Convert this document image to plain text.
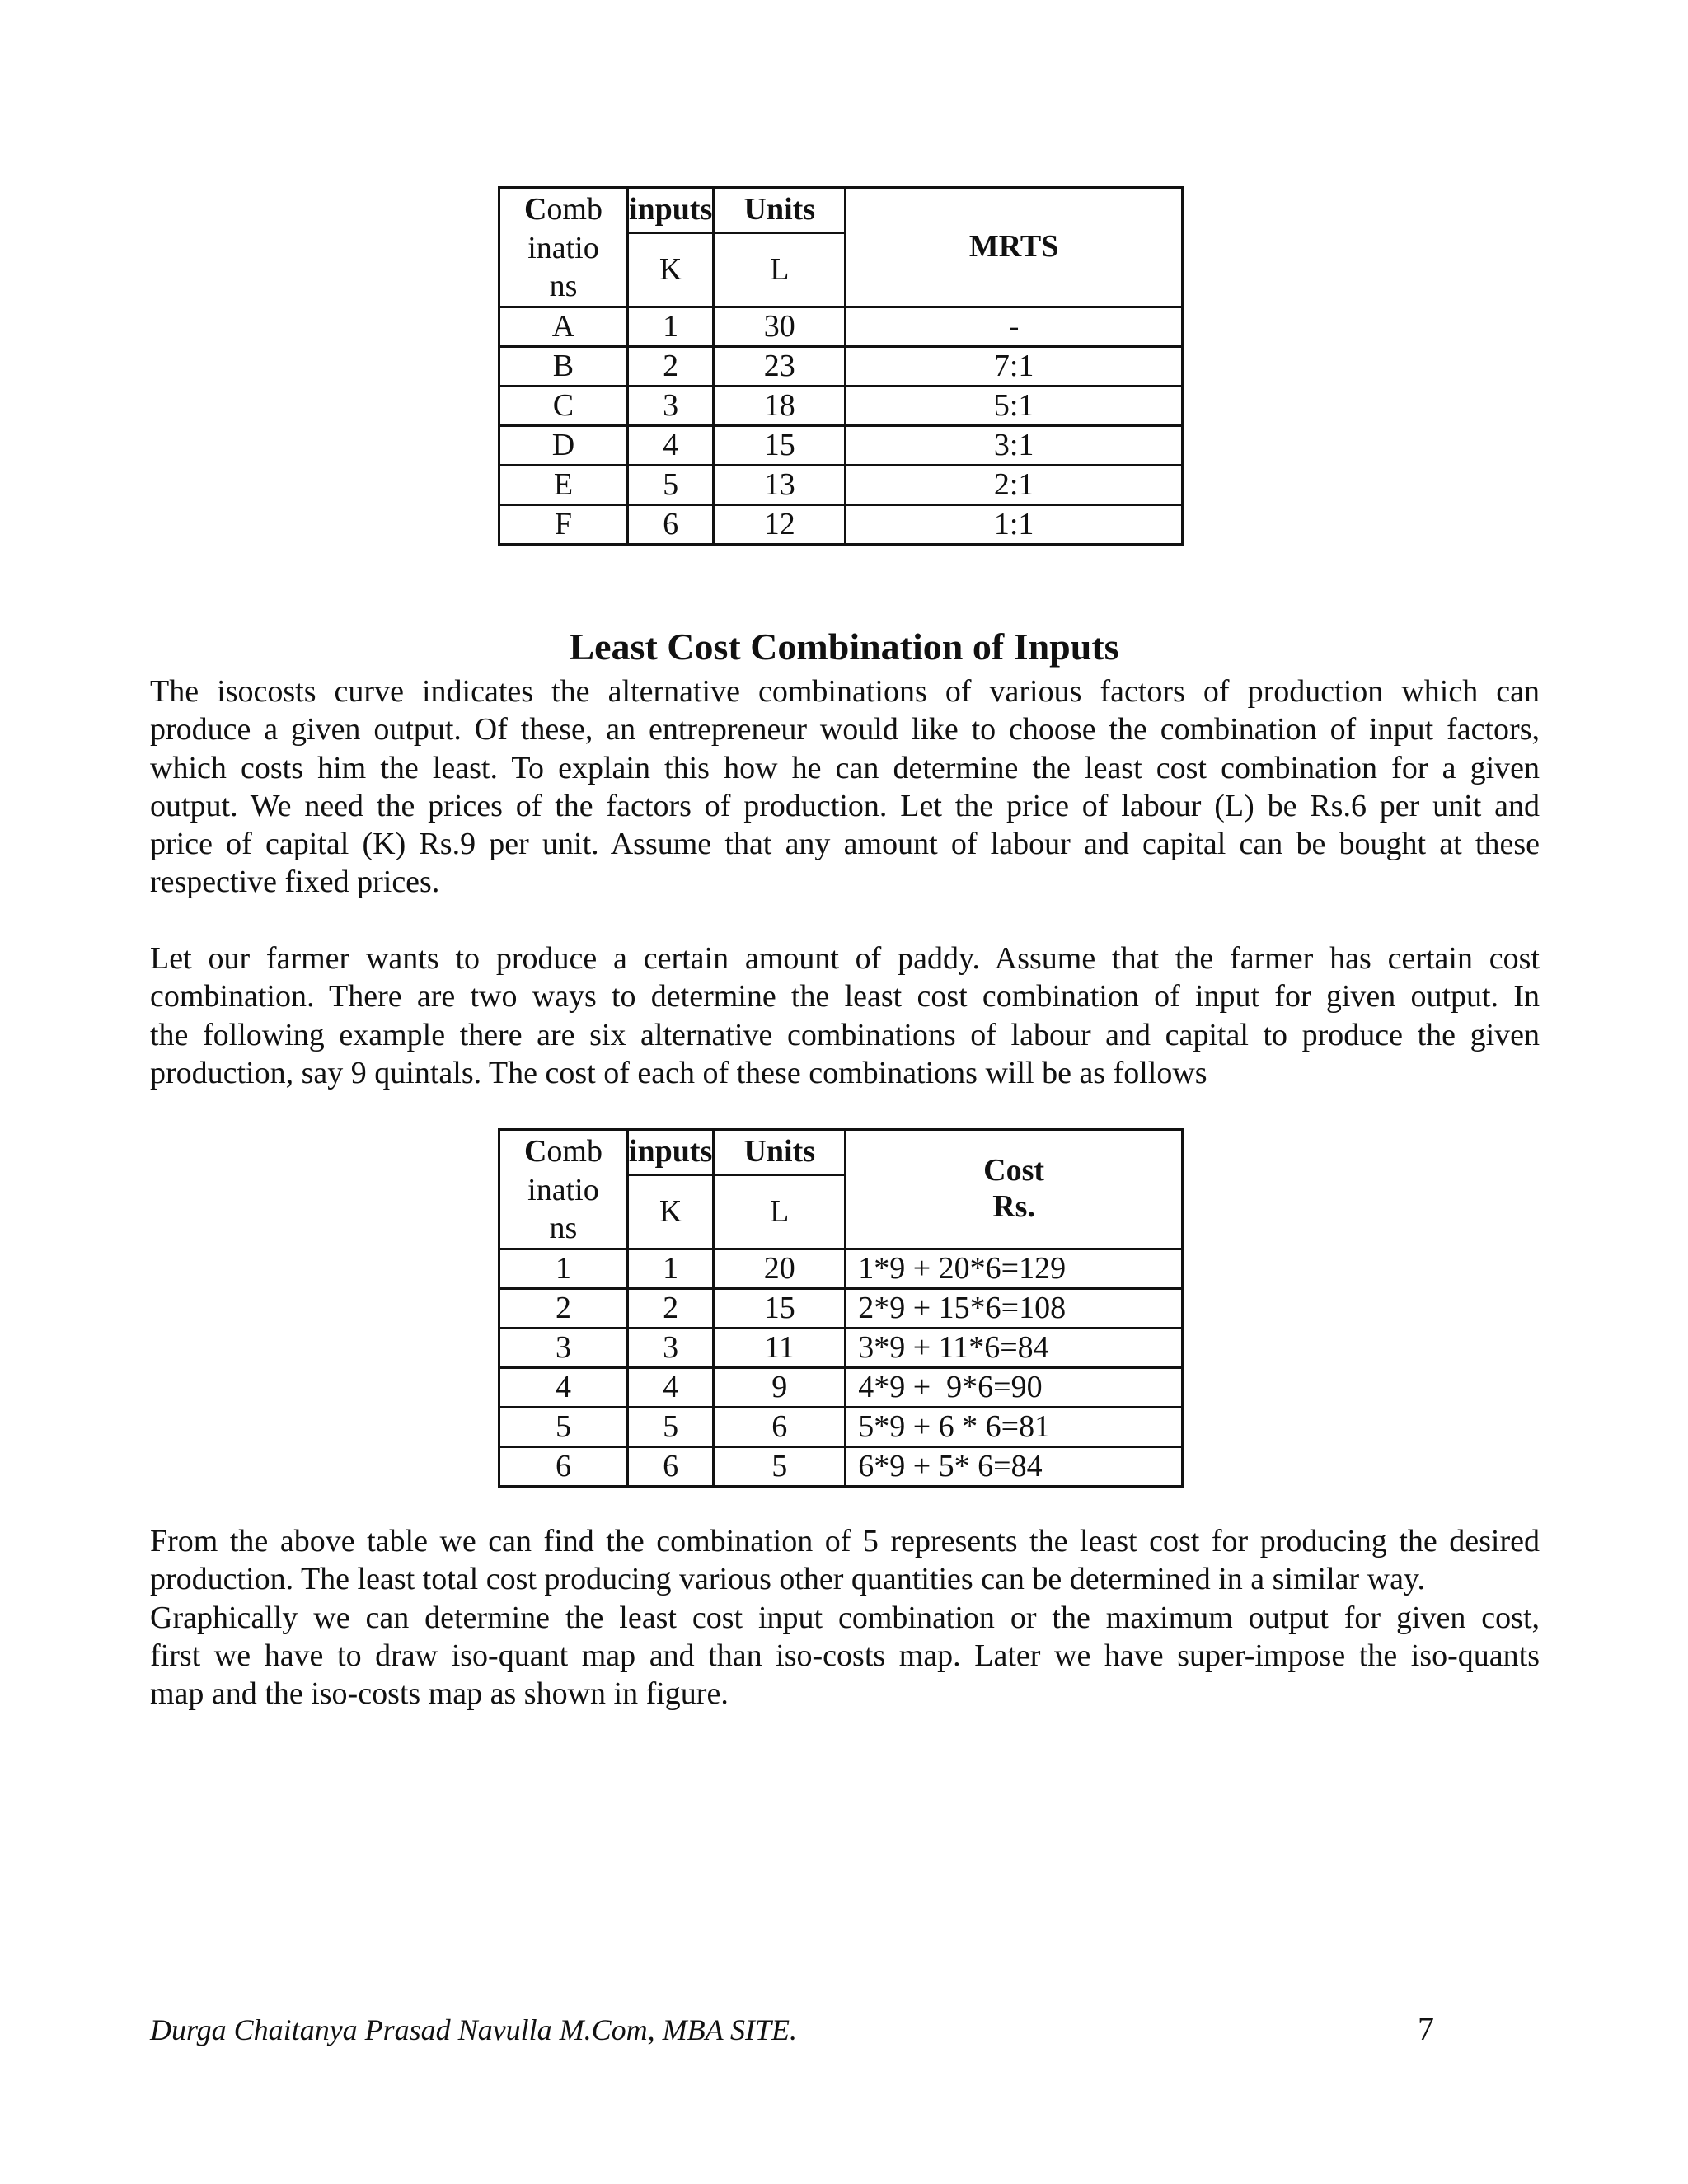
Comb
inatio
ns	inputs	Units	MRTS
	K	L	
A	1	30	-
B	2	23	7:1
C	3	18	5:1
D	4	15	3:1
E	5	13	2:1
F	6	12	1:1
Least Cost Combination of Inputs
The isocosts curve indicates the alternative combinations of various factors of production which can
produce a given output. Of these, an entrepreneur would like to choose the combination of input factors,
which costs him the least. To explain this how he can determine the least cost combination for a given
output. We need the prices of the factors of production. Let the price of labour (L) be Rs.6 per unit and
price of capital (K) Rs.9 per unit. Assume that any amount of labour and capital can be bought at these
respective fixed prices.
Let our farmer wants to produce a certain amount of paddy. Assume that the farmer has certain cost
combination. There are two ways to determine the least cost combination of input for given output. In
the following example there are six alternative combinations of labour and capital to produce the given
production, say 9 quintals. The cost of each of these combinations will be as follows
Comb
inatio
ns	inputs	Units	Cost
Rs.
	K	L	
1	1	20	1*9 + 20*6=129
2	2	15	2*9 + 15*6=108
3	3	11	3*9 + 11*6=84
4	4	9	4*9 +  9*6=90
5	5	6	5*9 + 6 * 6=81
6	6	5	6*9 + 5* 6=84
From the above table we can find the combination of 5 represents the least cost for producing the desired
production. The least total cost producing various other quantities can be determined in a similar way.
Graphically we can determine the least cost input combination or the maximum output for given cost,
first we have to draw iso-quant map and than iso-costs map. Later we have super-impose the iso-quants
map and the iso-costs map as shown in figure.

Durga Chaitanya Prasad Navulla M.Com, MBA SITE.	7
